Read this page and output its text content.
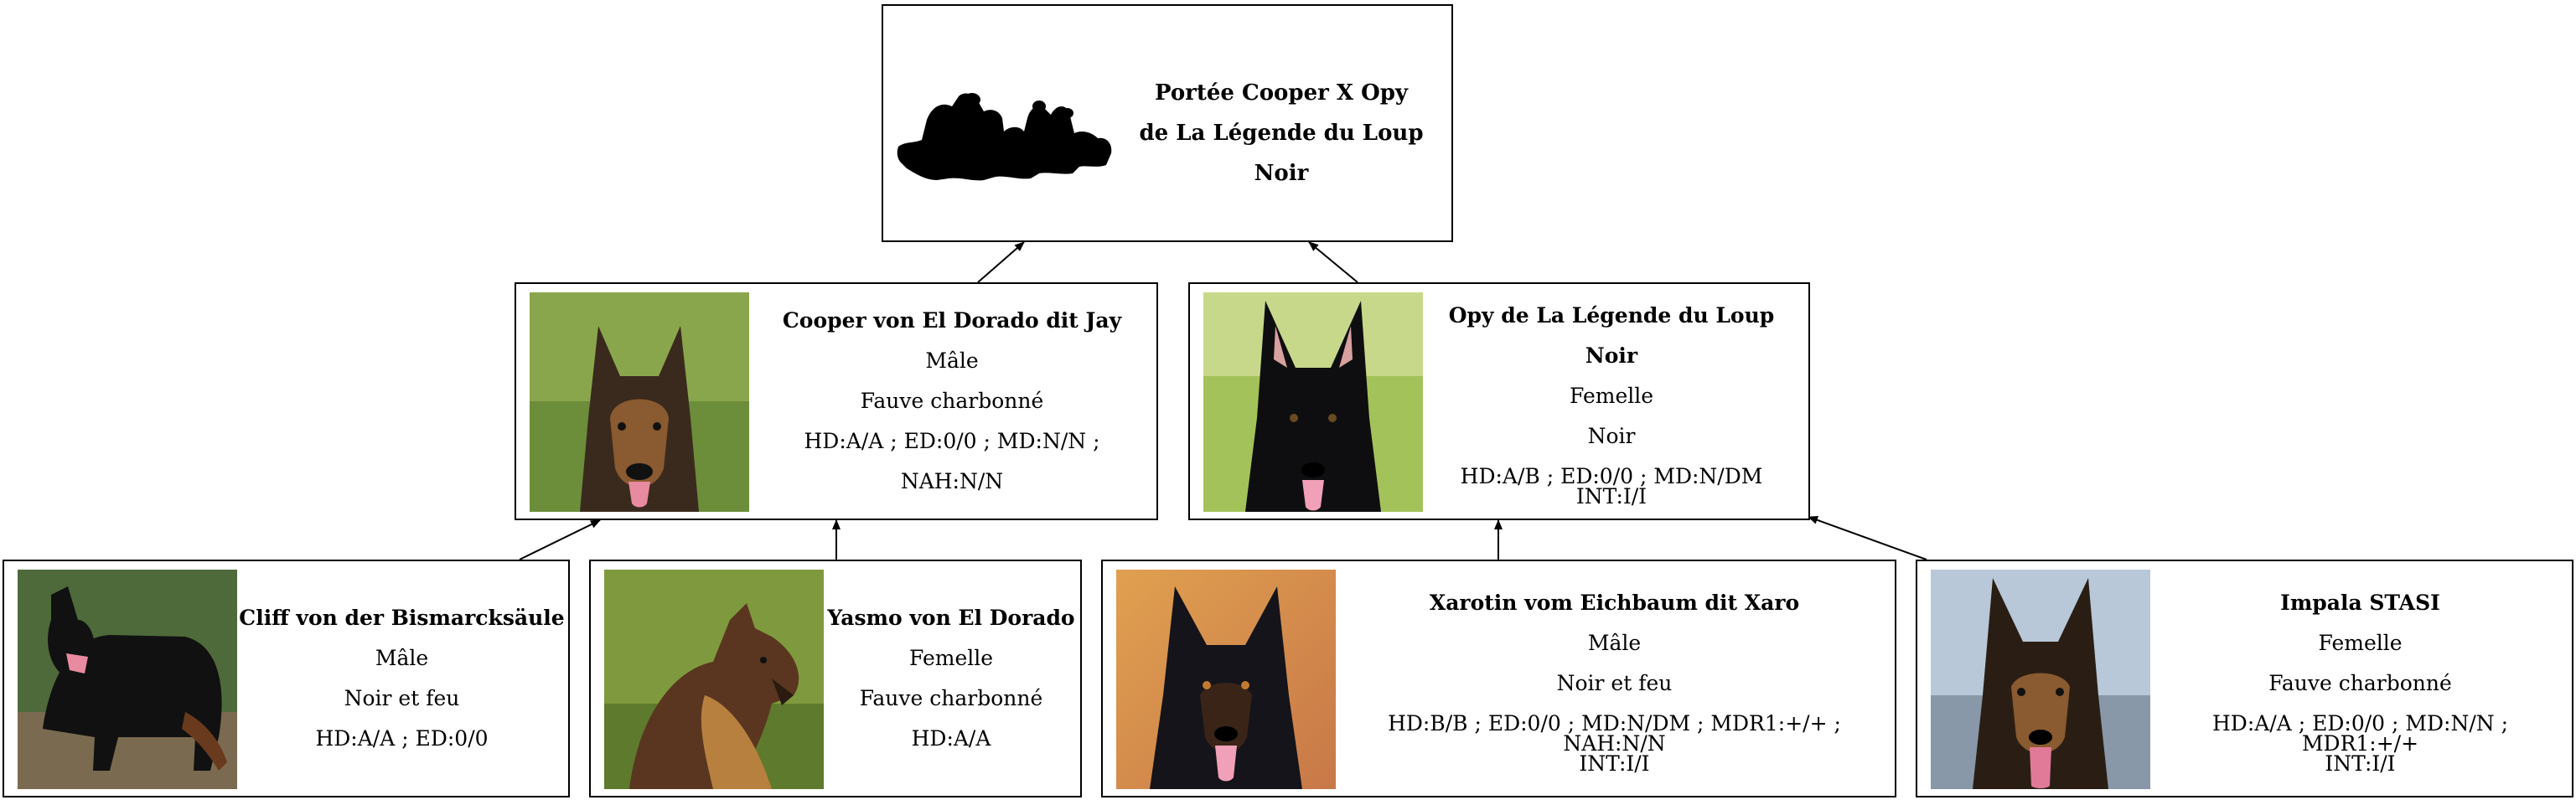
Portée Cooper X Opy
de La Légende du Loup Noir
Cooper von El Dorado dit Jay
Mâle
Fauve charbonné
HD:A/A ; ED:0/0 ; MD:N/N ; NAH:N/N
Opy de La Légende du Loup Noir
Femelle
Noir
HD:A/B ; ED:0/0 ; MD:N/DM
INT:I/I
Cliff von der Bismarcksäule
Mâle
Noir et feu
HD:A/A ; ED:0/0
Yasmo von El Dorado
Femelle
Fauve charbonné
HD:A/A
Xarotin vom Eichbaum dit Xaro
Mâle
Noir et feu
HD:B/B ; ED:0/0 ; MD:N/DM ; MDR1:+/+ ; NAH:N/N
INT:I/I
Impala STASI
Femelle
Fauve charbonné
HD:A/A ; ED:0/0 ; MD:N/N ; MDR1:+/+
INT:I/I
